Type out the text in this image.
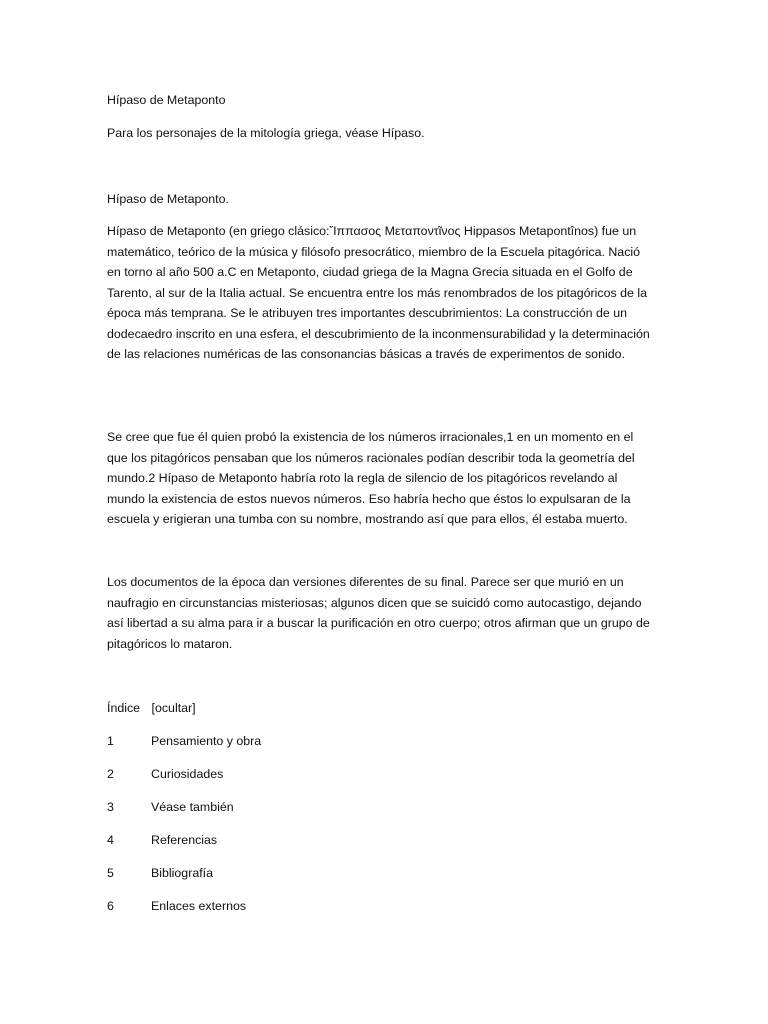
Hípaso de Metaponto
Para los personajes de la mitología griega, véase Hípaso.
Hípaso de Metaponto.
Hípaso de Metaponto (en griego clásico:Ἵππασος Μεταποντῖνος Hippasos Metapontînos) fue un matemático, teórico de la música y filósofo presocrático, miembro de la Escuela pitagórica. Nació en torno al año 500 a.C en Metaponto, ciudad griega de la Magna Grecia situada en el Golfo de Tarento, al sur de la Italia actual. Se encuentra entre los más renombrados de los pitagóricos de la época más temprana. Se le atribuyen tres importantes descubrimientos: La construcción de un dodecaedro inscrito en una esfera, el descubrimiento de la inconmensurabilidad y la determinación de las relaciones numéricas de las consonancias básicas a través de experimentos de sonido.
Se cree que fue él quien probó la existencia de los números irracionales,1 en un momento en el que los pitagóricos pensaban que los números racionales podían describir toda la geometría del mundo.2 Hípaso de Metaponto habría roto la regla de silencio de los pitagóricos revelando al mundo la existencia de estos nuevos números. Eso habría hecho que éstos lo expulsaran de la escuela y erigieran una tumba con su nombre, mostrando así que para ellos, él estaba muerto.
Los documentos de la época dan versiones diferentes de su final. Parece ser que murió en un naufragio en circunstancias misteriosas; algunos dicen que se suicidó como autocastigo, dejando así libertad a su alma para ir a buscar la purificación en otro cuerpo; otros afirman que un grupo de pitagóricos lo mataron.
Índice [ocultar]
1	Pensamiento y obra
2	Curiosidades
3	Véase también
4	Referencias
5	Bibliografía
6	Enlaces externos
